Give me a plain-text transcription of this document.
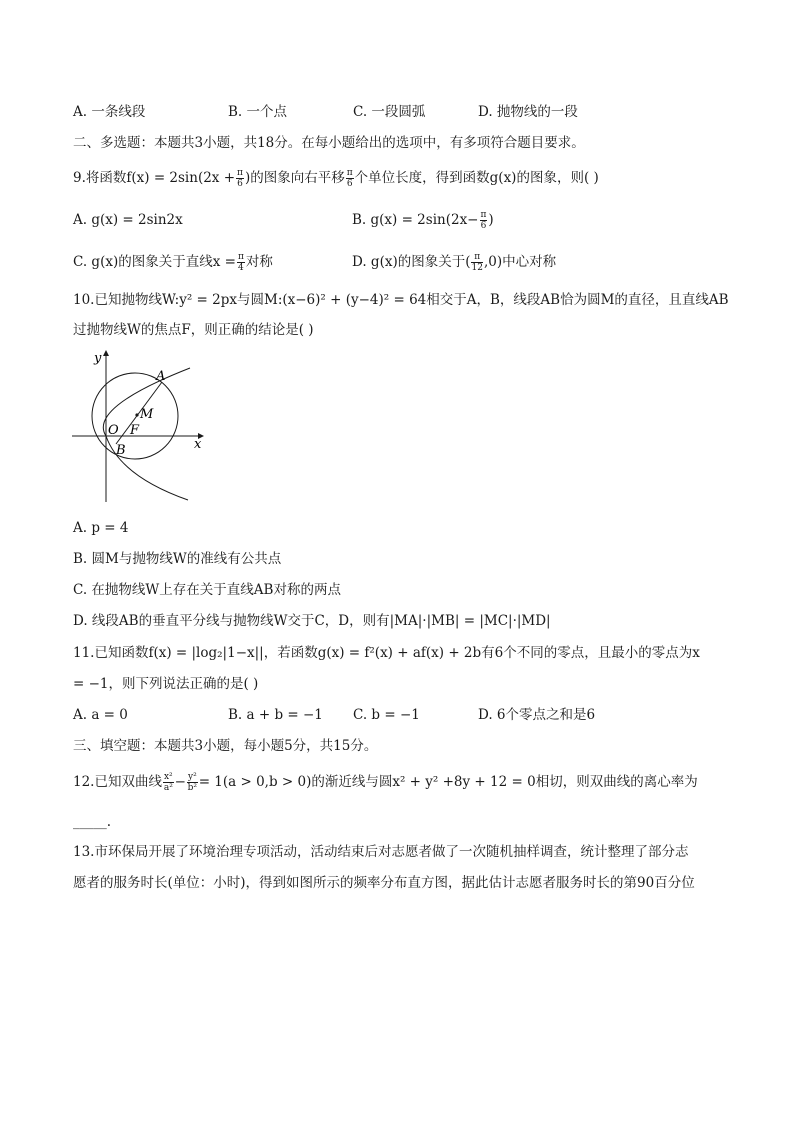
A. 一条线段	B. 一个点	C. 一段圆弧	D. 抛物线的一段
二、多选题：本题共3小题，共18分。在每小题给出的选项中，有多项符合题目要求。
9.将函数$f(x) = 2\sin(2x + \frac{\pi}{6}$ )的图象向右平移 $\frac{\pi}{6}$ 个单位长度，得到函数g(x)的图象，则( )
A. g(x) = 2sin2x	B. $g(x) = 2\sin(2x- \frac{\pi}{6}$ )
C. g(x)的图象关于直线$x = \frac{\pi}{4}$ 对称	D. g(x)的图象关于( $\frac{\pi}{12} ,0$)中心对称
10.已知抛物线W:y² = 2px与圆M:(x−6)² + (y−4)² = 64相交于A，B，线段AB恰为圆M的直径，且直线AB
过抛物线W的焦点F，则正确的结论是( )
y
x
O
A
B
M
F
A. p = 4
B. 圆M与抛物线W的准线有公共点
C. 在抛物线W上存在关于直线AB对称的两点
D. 线段AB的垂直平分线与抛物线W交于C，D，则有|MA|·|MB| = |MC|·|MD|
11.已知函数f(x) = |log₂|1−x||，若函数g(x) = f²(x) + af(x) + 2b有6个不同的零点，且最小的零点为x
= −1，则下列说法正确的是( )
A. a = 0	B. a + b = −1 C. b = −1	D. 6个零点之和是6
三、填空题：本题共3小题，每小题5分，共15分。
12.已知双曲线 $\frac{\text{x²}}{\text{a²}} - \frac{\text{y²}}{\text{b²}} = 1(a > 0,b > 0)$的渐近线与圆x² + y² +8y + 12 = 0相切，则双曲线的离心率为
_____.
13.市环保局开展了环境治理专项活动，活动结束后对志愿者做了一次随机抽样调查，统计整理了部分志
愿者的服务时长(单位：小时)，得到如图所示的频率分布直方图，据此估计志愿者服务时长的第90百分位
